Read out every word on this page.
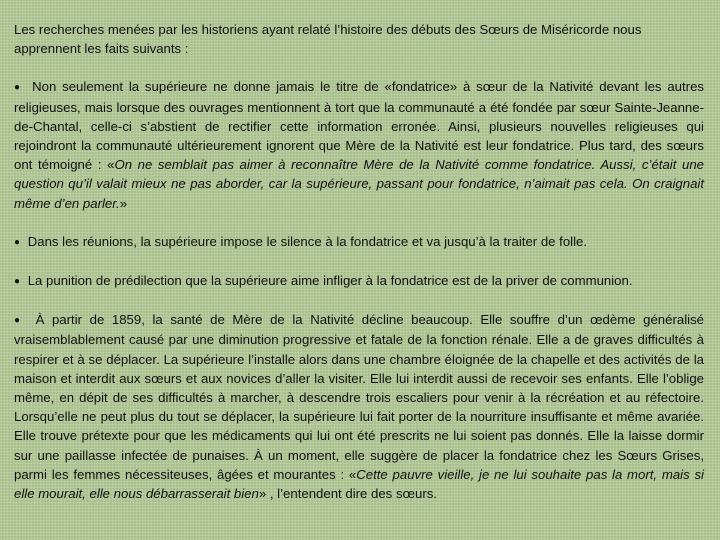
Les recherches menées par les historiens ayant relaté l’histoire des débuts des Sœurs de Miséricorde nous apprennent les faits suivants :

● Non seulement la supérieure ne donne jamais le titre de «fondatrice» à sœur de la Nativité devant les autres religieuses, mais lorsque des ouvrages mentionnent à tort que la communauté a été fondée par sœur Sainte-Jeanne-de-Chantal, celle-ci s’abstient de rectifier cette information erronée. Ainsi, plusieurs nouvelles religieuses qui rejoindront la communauté ultérieurement ignorent que Mère de la Nativité est leur fondatrice. Plus tard, des sœurs ont témoigné : «On ne semblait pas aimer à reconnaître Mère de la Nativité comme fondatrice. Aussi, c’était une question qu’il valait mieux ne pas aborder, car la supérieure, passant pour fondatrice, n’aimait pas cela. On craignait même d’en parler.»

● Dans les réunions, la supérieure impose le silence à la fondatrice et va jusqu’à la traiter de folle.

● La punition de prédilection que la supérieure aime infliger à la fondatrice est de la priver de communion.

● À partir de 1859, la santé de Mère de la Nativité décline beaucoup. Elle souffre d’un œdème généralisé vraisemblablement causé par une diminution progressive et fatale de la fonction rénale. Elle a de graves difficultés à respirer et à se déplacer. La supérieure l’installe alors dans une chambre éloignée de la chapelle et des activités de la maison et interdit aux sœurs et aux novices d’aller la visiter. Elle lui interdit aussi de recevoir ses enfants. Elle l’oblige même, en dépit de ses difficultés à marcher, à descendre trois escaliers pour venir à la récréation et au réfectoire. Lorsqu’elle ne peut plus du tout se déplacer, la supérieure lui fait porter de la nourriture insuffisante et même avariée. Elle trouve prétexte pour que les médicaments qui lui ont été prescrits ne lui soient pas donnés. Elle la laisse dormir sur une paillasse infectée de punaises. À un moment, elle suggère de placer la fondatrice chez les Sœurs Grises, parmi les femmes nécessiteuses, âgées et mourantes : «Cette pauvre vieille, je ne lui souhaite pas la mort, mais si elle mourait, elle nous débarrasserait bien» , l’entendent dire des sœurs.
